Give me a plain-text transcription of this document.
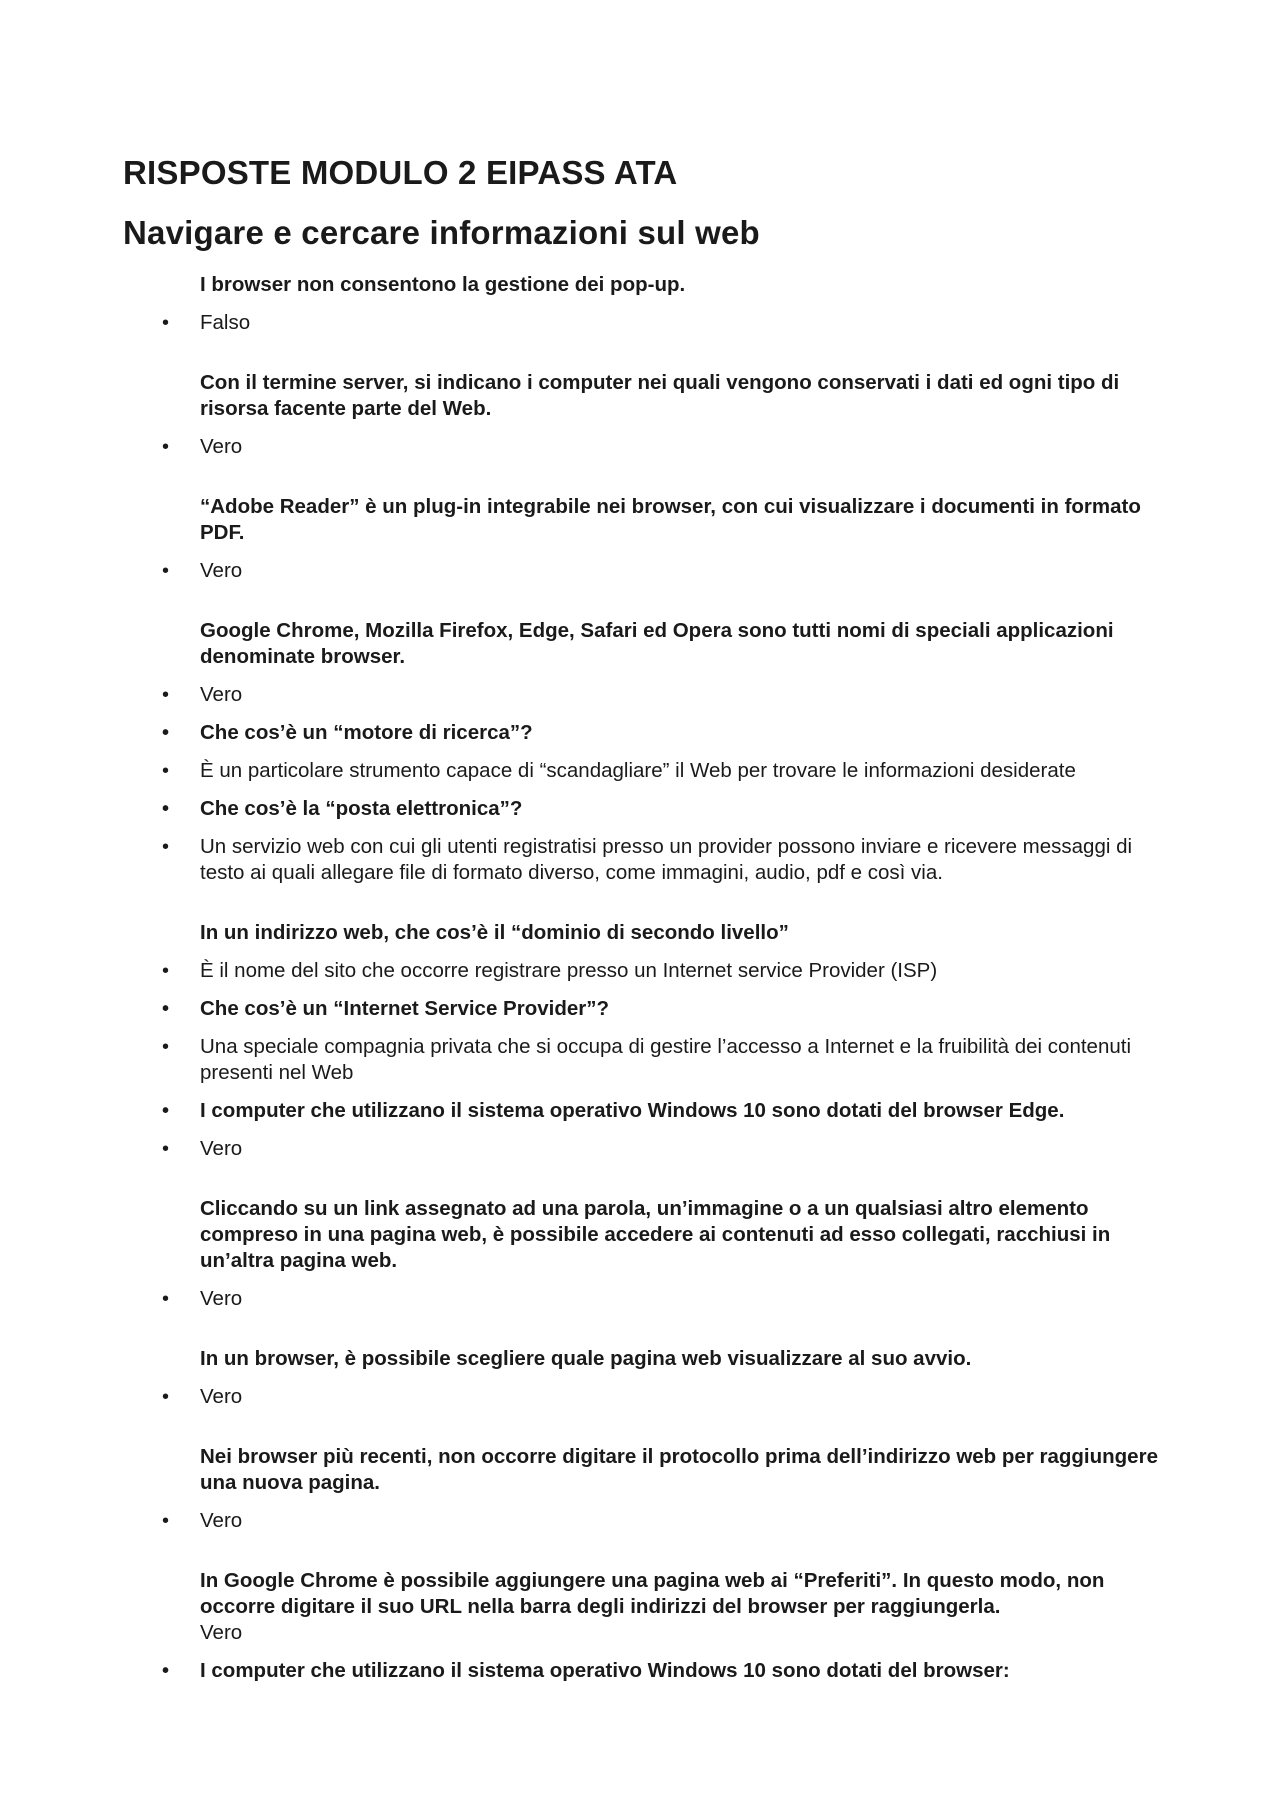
RISPOSTE MODULO 2 EIPASS ATA
Navigare e cercare informazioni sul web
I browser non consentono la gestione dei pop-up.
• Falso
Con il termine server, si indicano i computer nei quali vengono conservati i dati ed ogni tipo di risorsa facente parte del Web.
• Vero
“Adobe Reader” è un plug-in integrabile nei browser, con cui visualizzare i documenti in formato PDF.
• Vero
Google Chrome, Mozilla Firefox, Edge, Safari ed Opera sono tutti nomi di speciali applicazioni denominate browser.
• Vero
• Che cos’è un “motore di ricerca”?
• È un particolare strumento capace di “scandagliare” il Web per trovare le informazioni desiderate
• Che cos’è la “posta elettronica”?
• Un servizio web con cui gli utenti registratisi presso un provider possono inviare e ricevere messaggi di testo ai quali allegare file di formato diverso, come immagini, audio, pdf e così via.
In un indirizzo web, che cos’è il “dominio di secondo livello”
• È il nome del sito che occorre registrare presso un Internet service Provider (ISP)
• Che cos’è un “Internet Service Provider”?
• Una speciale compagnia privata che si occupa di gestire l’accesso a Internet e la fruibilità dei contenuti presenti nel Web
• I computer che utilizzano il sistema operativo Windows 10 sono dotati del browser Edge.
• Vero
Cliccando su un link assegnato ad una parola, un’immagine o a un qualsiasi altro elemento compreso in una pagina web, è possibile accedere ai contenuti ad esso collegati, racchiusi in un’altra pagina web.
• Vero
In un browser, è possibile scegliere quale pagina web visualizzare al suo avvio.
• Vero
Nei browser più recenti, non occorre digitare il protocollo prima dell’indirizzo web per raggiungere una nuova pagina.
• Vero
In Google Chrome è possibile aggiungere una pagina web ai “Preferiti”. In questo modo, non occorre digitare il suo URL nella barra degli indirizzi del browser per raggiungerla.
Vero
• I computer che utilizzano il sistema operativo Windows 10 sono dotati del browser:
